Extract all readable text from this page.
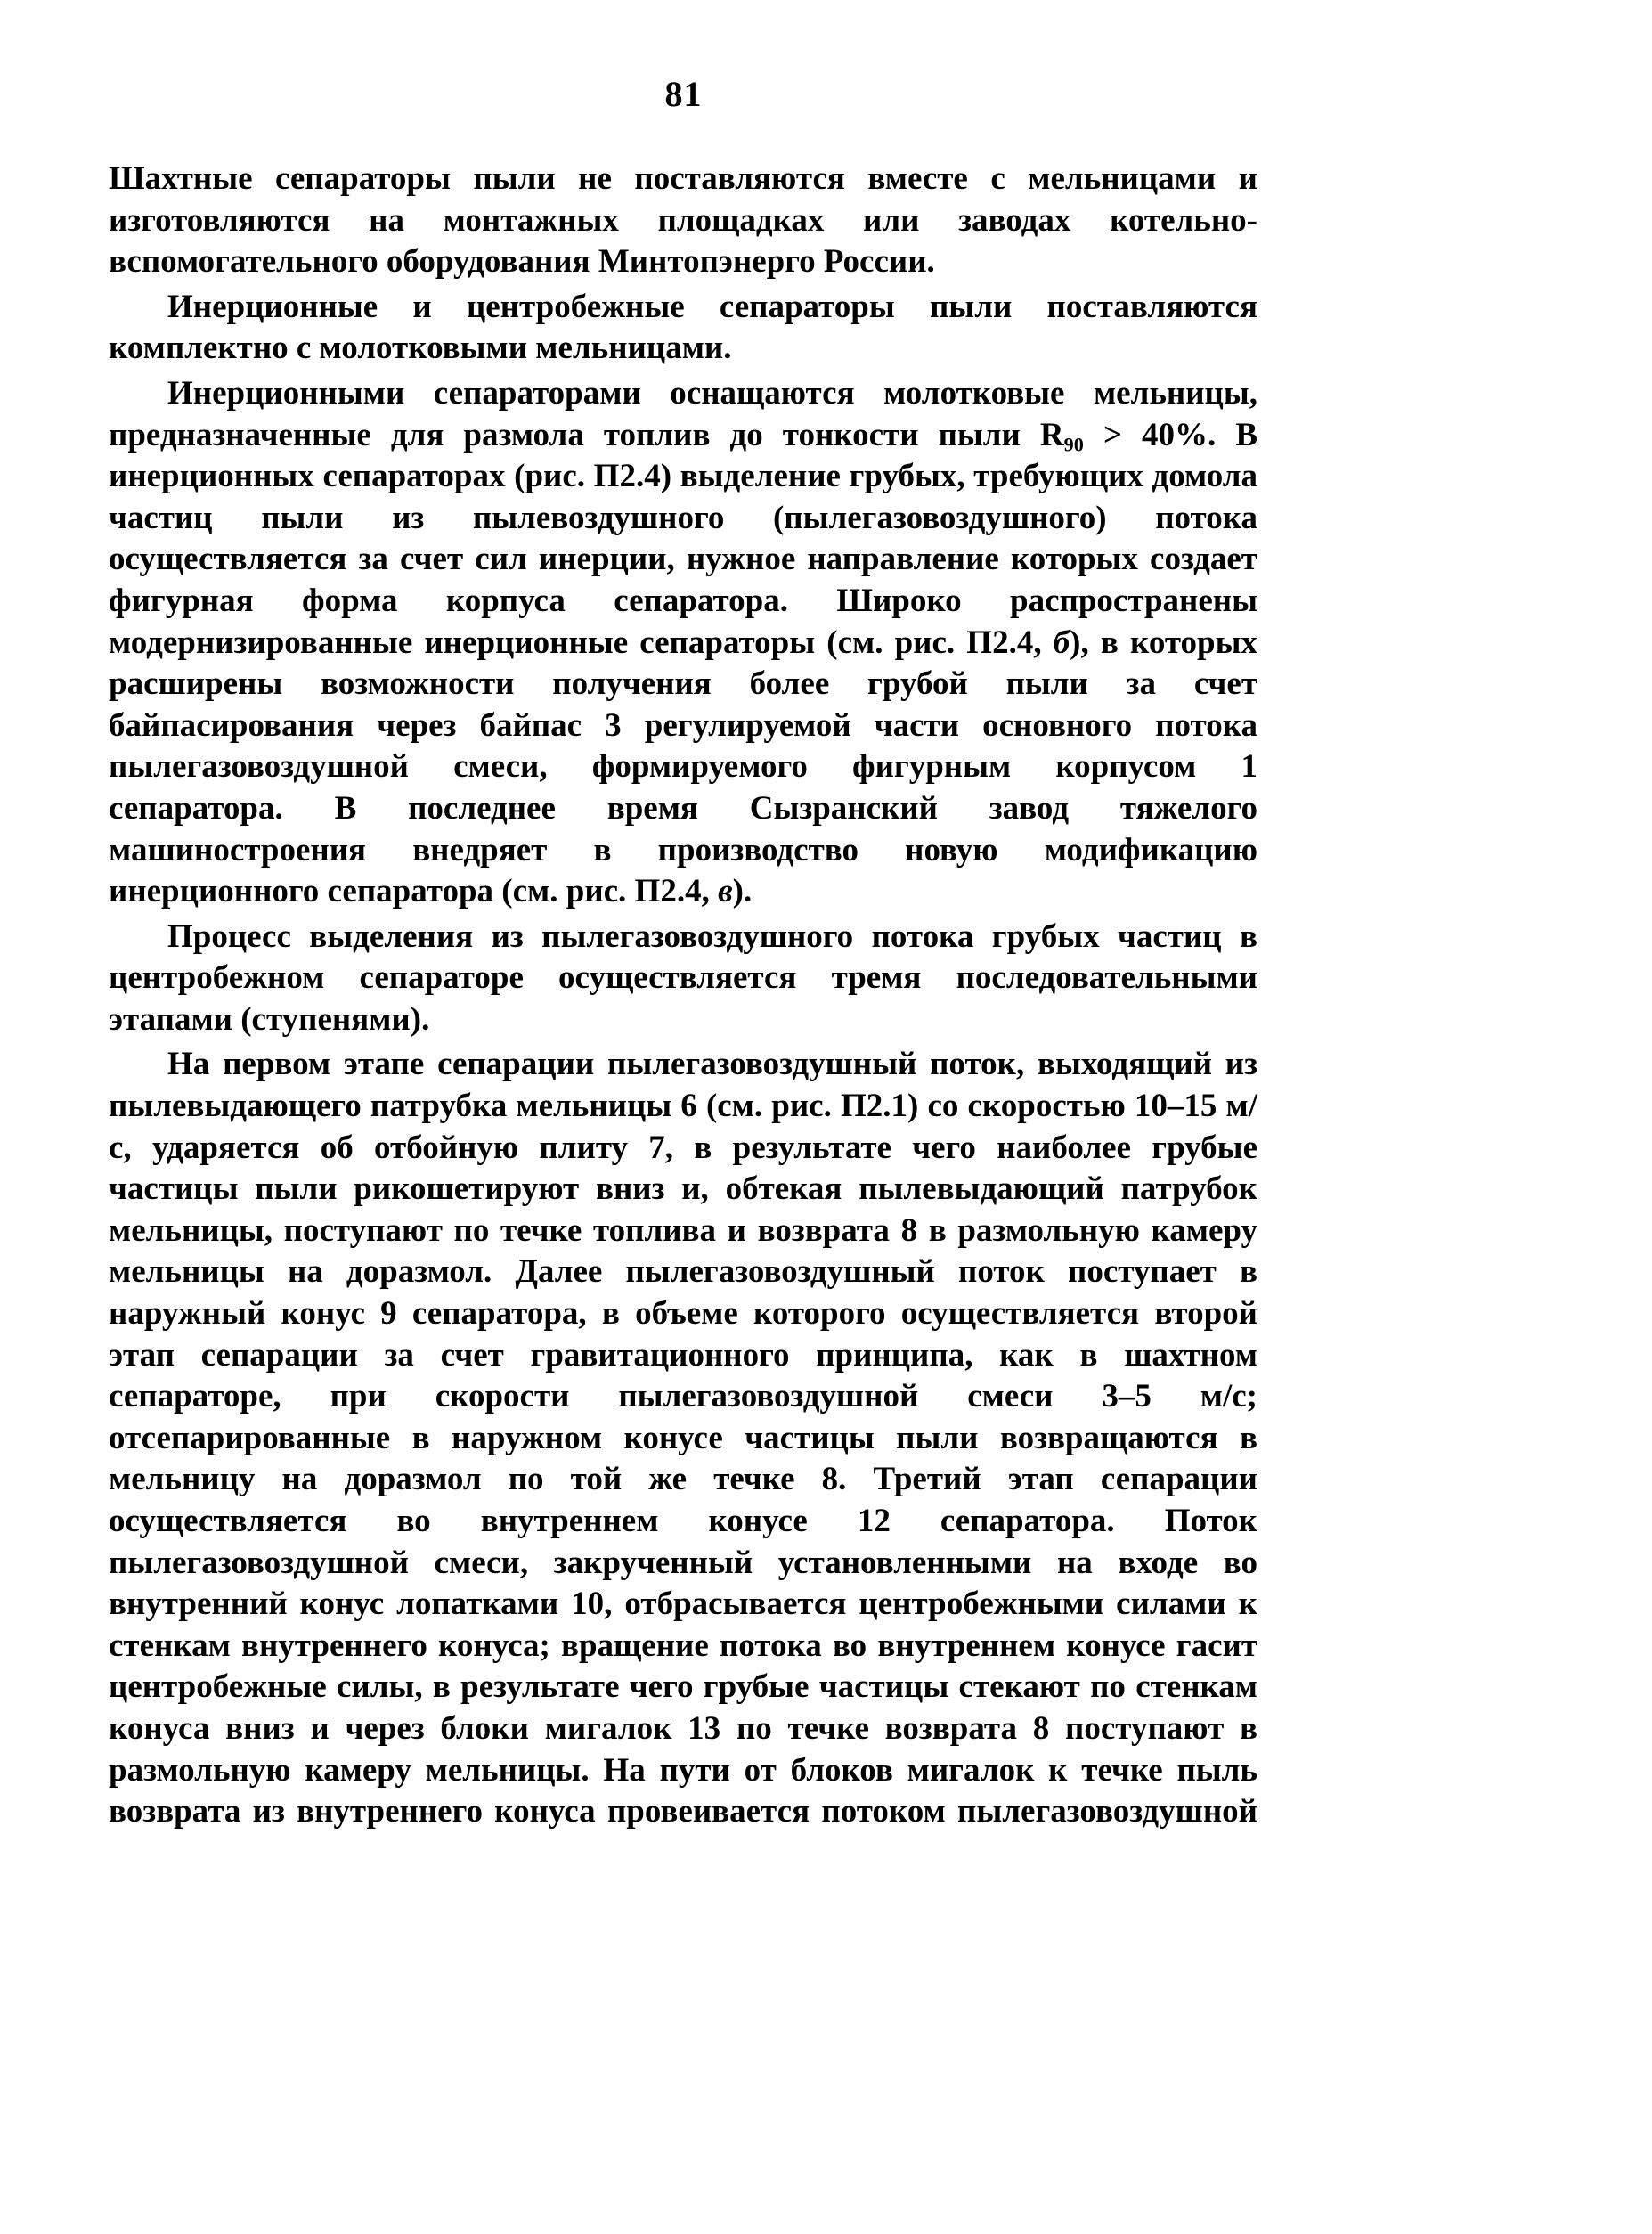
81

Шахтные сепараторы пыли не поставляются вместе с мельницами и изготовляются на монтажных площадках или заводах котельновспомогательного оборудования Минтопэнерго России.

Инерционные и центробежные сепараторы пыли поставляются комплектно с молотковыми мельницами.

Инерционными сепараторами оснащаются молотковые мельницы, предназначенные для размола топлив до тонкости пыли $R_{90} > 40\%$. В инерционных сепараторах (рис. П2.4) выделение грубых, требующих домола частиц пыли из пылевоздушного (пылегазовоздушного) потока осуществляется за счет сил инерции, нужное направление которых создает фигурная форма корпуса сепаратора. Широко распространены модернизированные инерционные сепараторы (см. рис. П2.4, б), в которых расширены возможности получения более грубой пыли за счет байпасирования через байпас 3 регулируемой части основного потока пылегазовоздушной смеси, формируемого фигурным корпусом 1 сепаратора. В последнее время Сызранский завод тяжелого машиностроения внедряет в производство новую модификацию инерционного сепаратора (см. рис. П2.4, в).

Процесс выделения из пылегазовоздушного потока грубых частиц в центробежном сепараторе осуществляется тремя последовательными этапами (ступенями).

На первом этапе сепарации пылегазовоздушный поток, выходящий из пылевыдающего патрубка мельницы 6 (см. рис. П2.1) со скоростью 10–15 м/с, ударяется об отбойную плиту 7, в результате чего наиболее грубые частицы пыли рикошетируют вниз и, обтекая пылевыдающий патрубок мельницы, поступают по течке топлива и возврата 8 в размольную камеру мельницы на доразмол. Далее пылегазовоздушный поток поступает в наружный конус 9 сепаратора, в объеме которого осуществляется второй этап сепарации за счет гравитационного принципа, как в шахтном сепараторе, при скорости пылегазовоздушной смеси 3–5 м/с; отсепарированные в наружном конусе частицы пыли возвращаются в мельницу на доразмол по той же течке 8. Третий этап сепарации осуществляется во внутреннем конусе 12 сепаратора. Поток пылегазовоздушной смеси, закрученный установленными на входе во внутренний конус лопатками 10, отбрасывается центробежными силами к стенкам внутреннего конуса; вращение потока во внутреннем конусе гасит центробежные силы, в результате чего грубые частицы стекают по стенкам конуса вниз и через блоки мигалок 13 по течке возврата 8 поступают в размольную камеру мельницы. На пути от блоков мигалок к течке пыль возврата из внутреннего конуса провеивается потоком пылегазовоздушной
